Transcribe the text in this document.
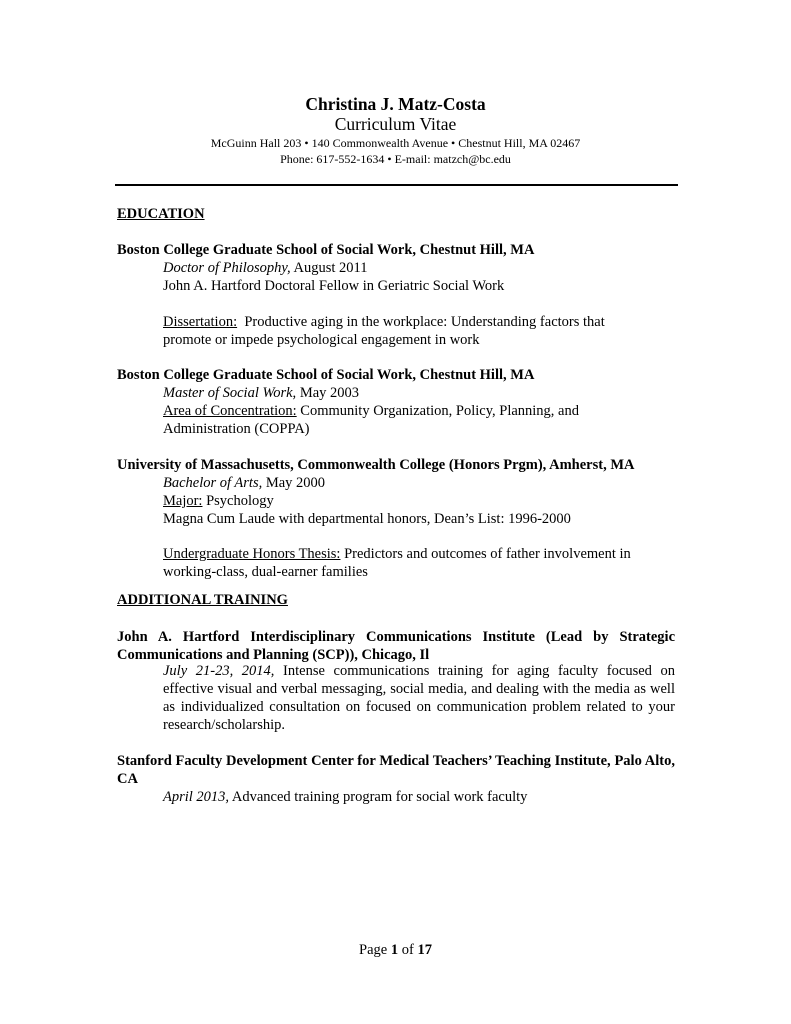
Christina J. Matz-Costa
Curriculum Vitae
McGuinn Hall 203 • 140 Commonwealth Avenue • Chestnut Hill, MA 02467
Phone: 617-552-1634 • E-mail: matzch@bc.edu
EDUCATION
Boston College Graduate School of Social Work, Chestnut Hill, MA
Doctor of Philosophy, August 2011
John A. Hartford Doctoral Fellow in Geriatric Social Work
Dissertation:  Productive aging in the workplace: Understanding factors that
promote or impede psychological engagement in work
Boston College Graduate School of Social Work, Chestnut Hill, MA
Master of Social Work, May 2003
Area of Concentration: Community Organization, Policy, Planning, and
Administration (COPPA)
University of Massachusetts, Commonwealth College (Honors Prgm), Amherst, MA
Bachelor of Arts, May 2000
Major: Psychology
Magna Cum Laude with departmental honors, Dean’s List: 1996-2000
Undergraduate Honors Thesis: Predictors and outcomes of father involvement in
working-class, dual-earner families
ADDITIONAL TRAINING
John A. Hartford Interdisciplinary Communications Institute (Lead by Strategic Communications and Planning (SCP)), Chicago, Il
July 21-23, 2014, Intense communications training for aging faculty focused on effective visual and verbal messaging, social media, and dealing with the media as well as individualized consultation on focused on communication problem related to your research/scholarship.
Stanford Faculty Development Center for Medical Teachers’ Teaching Institute, Palo Alto, CA
April 2013, Advanced training program for social work faculty
Page 1 of 17
